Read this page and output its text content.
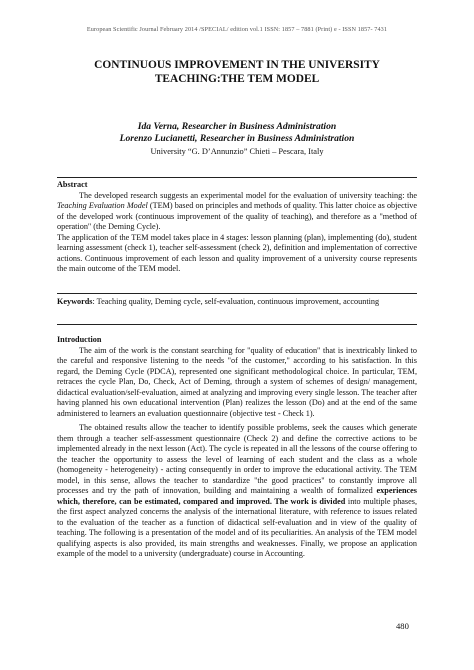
European Scientific Journal February 2014 /SPECIAL/ edition vol.1 ISSN: 1857 – 7881 (Print) e - ISSN 1857- 7431
CONTINUOUS IMPROVEMENT IN THE UNIVERSITY
TEACHING:THE TEM MODEL
Ida Verna, Researcher in Business Administration
Lorenzo Lucianetti, Researcher in Business Administration
University “G. D’Annunzio” Chieti – Pescara, Italy

Abstract

The developed research suggests an experimental model for the evaluation of university teaching: the Teaching Evaluation Model (TEM) based on principles and methods of quality. This latter choice as objective of the developed work (continuous improvement of the quality of teaching), and therefore as a "method of operation" (the Deming Cycle).

The application of the TEM model takes place in 4 stages: lesson planning (plan), implementing (do), student learning assessment (check 1), teacher self-assessment (check 2), definition and implementation of corrective actions. Continuous improvement of each lesson and quality improvement of a university course represents the main outcome of the TEM model.

Keywords: Teaching quality, Deming cycle, self-evaluation, continuous improvement, accounting

Introduction

The aim of the work is the constant searching for "quality of education" that is inextricably linked to the careful and responsive listening to the needs "of the customer," according to his satisfaction. In this regard, the Deming Cycle (PDCA), represented one significant methodological choice. In particular, TEM, retraces the cycle Plan, Do, Check, Act of Deming, through a system of schemes of design/ management, didactical evaluation/self-evaluation, aimed at analyzing and improving every single lesson. The teacher after having planned his own educational intervention (Plan) realizes the lesson (Do) and at the end of the same administered to learners an evaluation questionnaire (objective test - Check 1).

The obtained results allow the teacher to identify possible problems, seek the causes which generate them through a teacher self-assessment questionnaire (Check 2) and define the corrective actions to be implemented already in the next lesson (Act). The cycle is repeated in all the lessons of the course offering to the teacher the opportunity to assess the level of learning of each student and the class as a whole (homogeneity - heterogeneity) - acting consequently in order to improve the educational activity. The TEM model, in this sense, allows the teacher to standardize "the good practices" to constantly improve all processes and try the path of innovation, building and maintaining a wealth of formalized experiences which, therefore, can be estimated, compared and improved. The work is divided into multiple phases, the first aspect analyzed concerns the analysis of the international literature, with reference to issues related to the evaluation of the teacher as a function of didactical self-evaluation and in view of the quality of teaching. The following is a presentation of the model and of its peculiarities. An analysis of the TEM model qualifying aspects is also provided, its main strengths and weaknesses. Finally, we propose an application example of the model to a university (undergraduate) course in Accounting.

480
